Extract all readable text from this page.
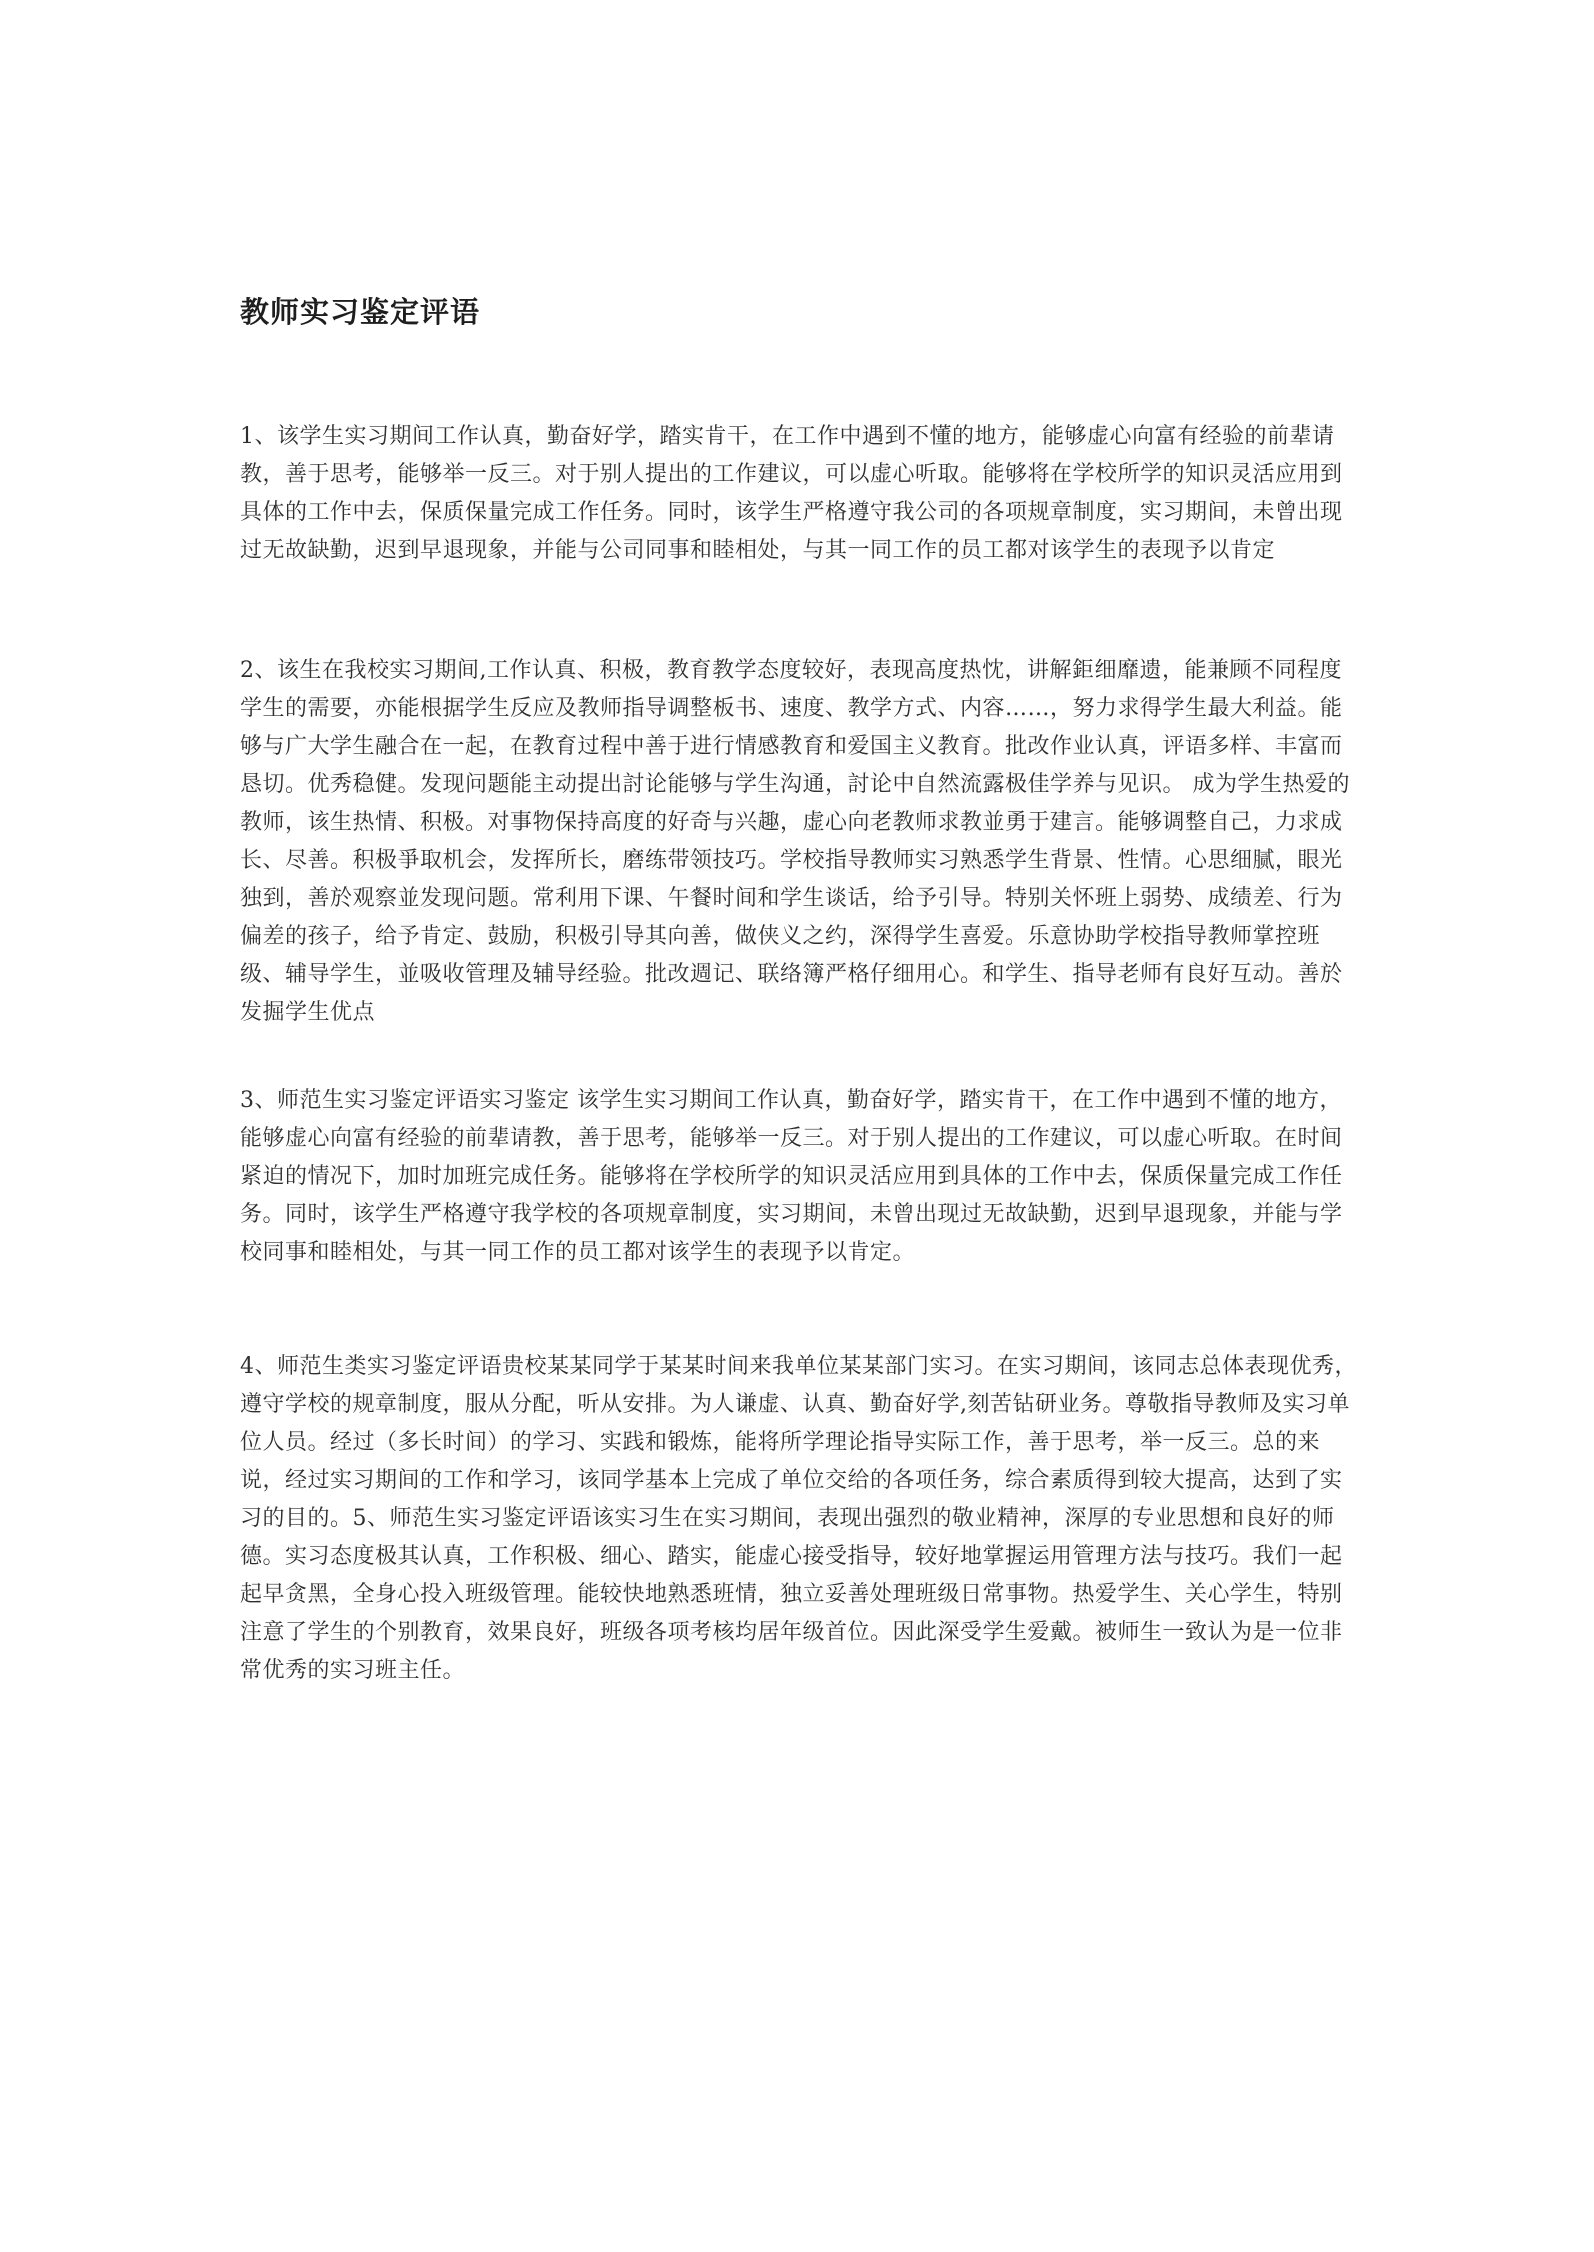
教师实习鉴定评语

1、该学生实习期间工作认真，勤奋好学，踏实肯干，在工作中遇到不懂的地方，能够虚心向富有经验的前辈请教，善于思考，能够举一反三。对于别人提出的工作建议，可以虚心听取。能够将在学校所学的知识灵活应用到具体的工作中去，保质保量完成工作任务。同时，该学生严格遵守我公司的各项规章制度，实习期间，未曾出现过无故缺勤，迟到早退现象，并能与公司同事和睦相处，与其一同工作的员工都对该学生的表现予以肯定

2、该生在我校实习期间,工作认真、积极，教育教学态度较好，表现高度热忱，讲解鉅细靡遗，能兼顾不同程度学生的需要，亦能根据学生反应及教师指导调整板书、速度、教学方式、内容……，努力求得学生最大利益。能够与广大学生融合在一起，在教育过程中善于进行情感教育和爱国主义教育。批改作业认真，评语多样、丰富而恳切。优秀稳健。发现问题能主动提出討论能够与学生沟通，討论中自然流露极佳学养与见识。 成为学生热爱的教师，该生热情、积极。对事物保持高度的好奇与兴趣，虚心向老教师求教並勇于建言。能够调整自己，力求成长、尽善。积极爭取机会，发挥所长，磨练带领技巧。学校指导教师实习熟悉学生背景、性情。心思细腻，眼光独到，善於观察並发现问题。常利用下课、午餐时间和学生谈话，给予引导。特别关怀班上弱势、成绩差、行为偏差的孩子，给予肯定、鼓励，积极引导其向善，做侠义之约，深得学生喜爱。乐意协助学校指导教师掌控班级、辅导学生，並吸收管理及辅导经验。批改週记、联络簿严格仔细用心。和学生、指导老师有良好互动。善於发掘学生优点

3、师范生实习鉴定评语实习鉴定 该学生实习期间工作认真，勤奋好学，踏实肯干，在工作中遇到不懂的地方，能够虚心向富有经验的前辈请教，善于思考，能够举一反三。对于别人提出的工作建议，可以虚心听取。在时间紧迫的情况下，加时加班完成任务。能够将在学校所学的知识灵活应用到具体的工作中去，保质保量完成工作任务。同时，该学生严格遵守我学校的各项规章制度，实习期间，未曾出现过无故缺勤，迟到早退现象，并能与学校同事和睦相处，与其一同工作的员工都对该学生的表现予以肯定。

4、师范生类实习鉴定评语贵校某某同学于某某时间来我单位某某部门实习。在实习期间，该同志总体表现优秀，遵守学校的规章制度，服从分配，听从安排。为人谦虚、认真、勤奋好学,刻苦钻研业务。尊敬指导教师及实习单位人员。经过（多长时间）的学习、实践和锻炼，能将所学理论指导实际工作，善于思考，举一反三。总的来说，经过实习期间的工作和学习，该同学基本上完成了单位交给的各项任务，综合素质得到较大提高，达到了实习的目的。5、师范生实习鉴定评语该实习生在实习期间，表现出强烈的敬业精神，深厚的专业思想和良好的师德。实习态度极其认真，工作积极、细心、踏实，能虚心接受指导，较好地掌握运用管理方法与技巧。我们一起起早贪黑，全身心投入班级管理。能较快地熟悉班情，独立妥善处理班级日常事物。热爱学生、关心学生，特别注意了学生的个别教育，效果良好，班级各项考核均居年级首位。因此深受学生爱戴。被师生一致认为是一位非常优秀的实习班主任。
